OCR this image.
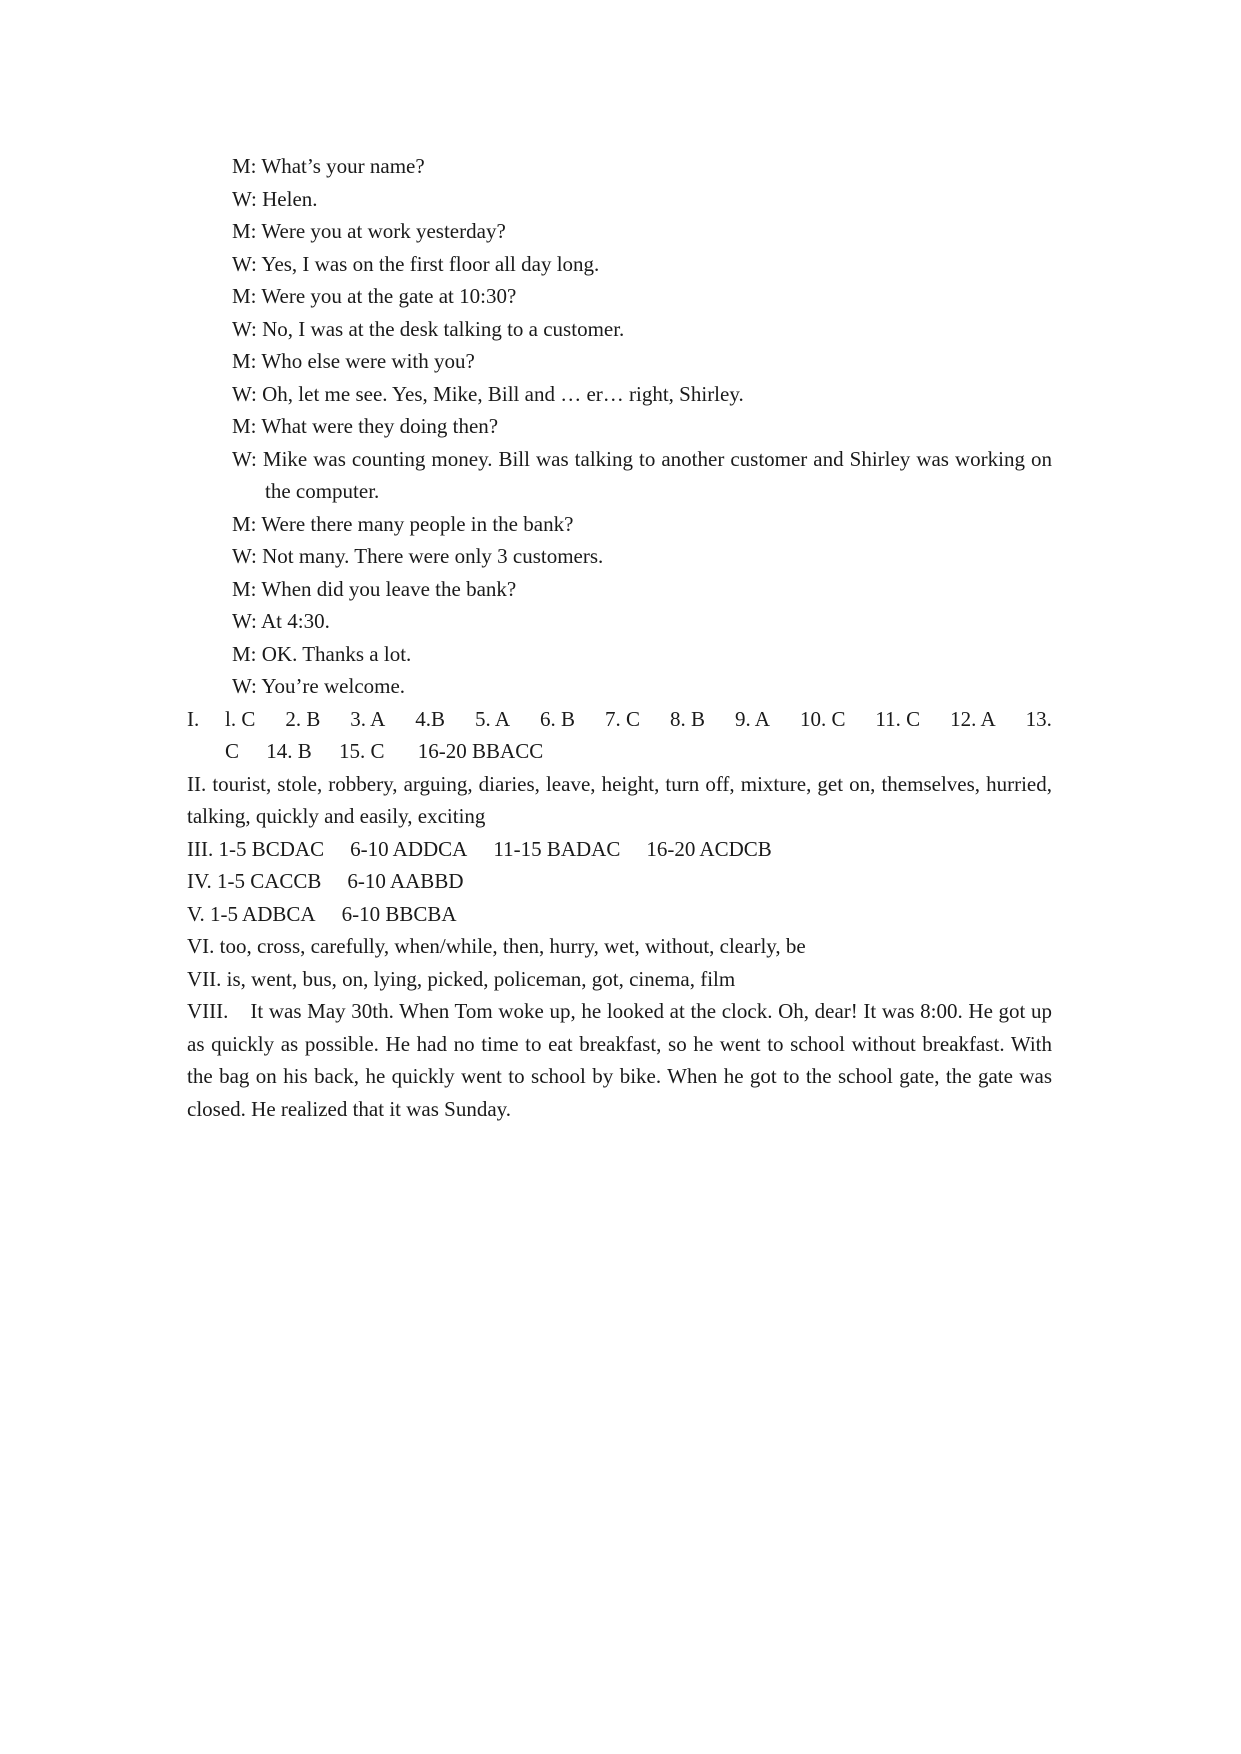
M: What’s your name?
W: Helen.
M: Were you at work yesterday?
W: Yes, I was on the first floor all day long.
M: Were you at the gate at 10:30?
W: No, I was at the desk talking to a customer.
M: Who else were with you?
W: Oh, let me see. Yes, Mike, Bill and … er… right, Shirley.
M: What were they doing then?
W: Mike was counting money. Bill was talking to another customer and Shirley was working on the computer.
M: Were there many people in the bank?
W: Not many. There were only 3 customers.
M: When did you leave the bank?
W: At 4:30.
M: OK. Thanks a lot.
W: You’re welcome.
I.	l. C 2. B 3. A 4.B 5. A 6. B 7. C 8. B 9. A 10. C 11. C 12. A 13.
C 14. B 15. C 16-20 BBACC
II. tourist, stole, robbery, arguing, diaries, leave, height, turn off, mixture, get on, themselves, hurried, talking, quickly and easily, exciting
III. 1-5 BCDAC 6-10 ADDCA 11-15 BADAC 16-20 ACDCB
IV. 1-5 CACCB 6-10 AABBD
V. 1-5 ADBCA 6-10 BBCBA
VI. too, cross, carefully, when/while, then, hurry, wet, without, clearly, be
VII. is, went, bus, on, lying, picked, policeman, got, cinema, film
VIII. It was May 30th. When Tom woke up, he looked at the clock. Oh, dear! It was 8:00. He got up as quickly as possible. He had no time to eat breakfast, so he went to school without breakfast. With the bag on his back, he quickly went to school by bike. When he got to the school gate, the gate was closed. He realized that it was Sunday.
